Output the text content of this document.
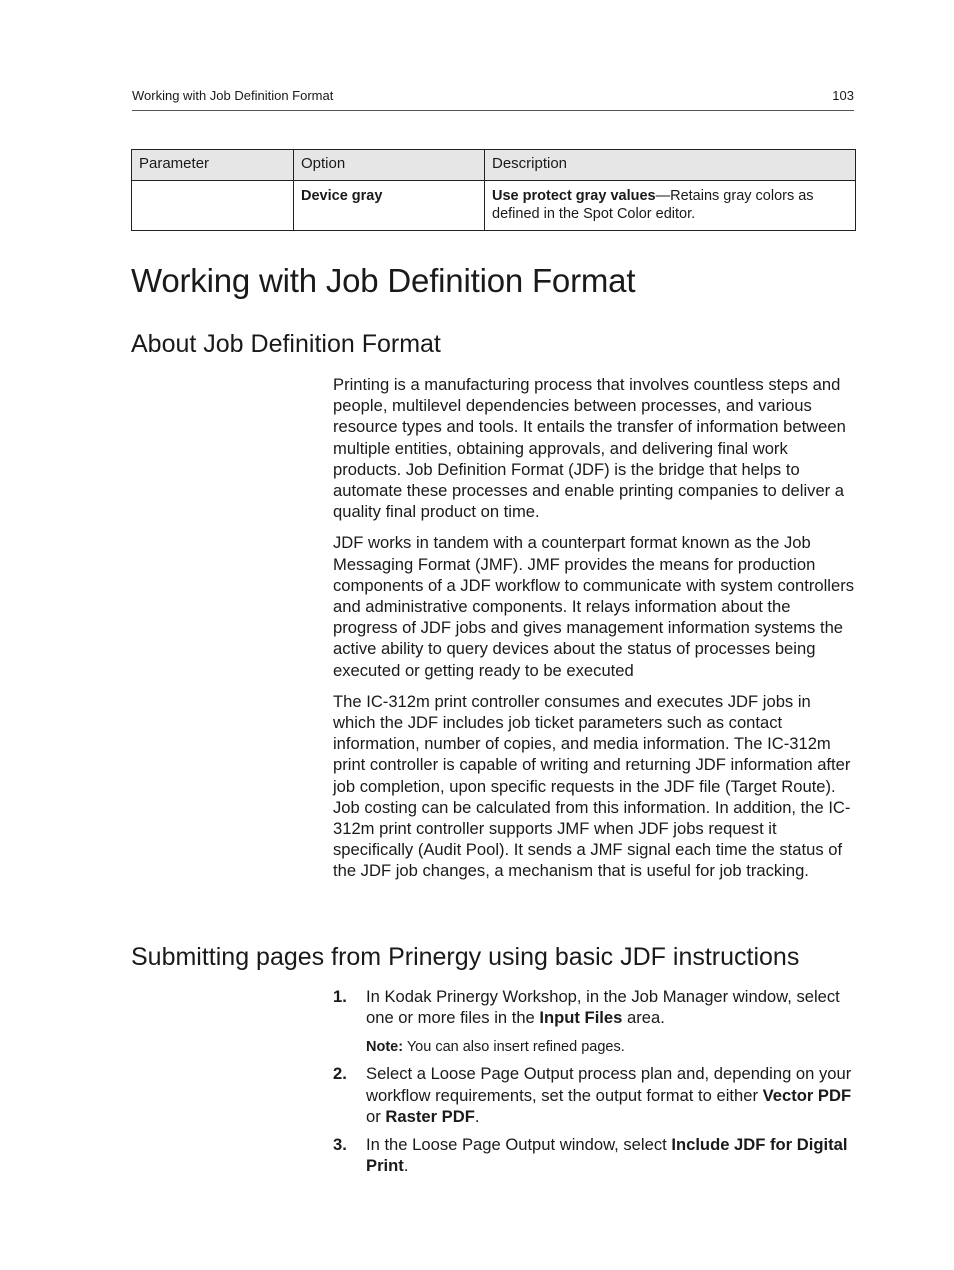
Working with Job Definition Format	103
Parameter	Option	Description
	Device gray	Use protect gray values—Retains gray colors as defined in the Spot Color editor.
Working with Job Definition Format
About Job Definition Format

Printing is a manufacturing process that involves countless steps and people, multilevel dependencies between processes, and various resource types and tools. It entails the transfer of information between multiple entities, obtaining approvals, and delivering final work products. Job Definition Format (JDF) is the bridge that helps to automate these processes and enable printing companies to deliver a quality final product on time.

JDF works in tandem with a counterpart format known as the Job Messaging Format (JMF). JMF provides the means for production components of a JDF workflow to communicate with system controllers and administrative components. It relays information about the progress of JDF jobs and gives management information systems the active ability to query devices about the status of processes being executed or getting ready to be executed

The IC-312m print controller consumes and executes JDF jobs in which the JDF includes job ticket parameters such as contact information, number of copies, and media information. The IC-312m print controller is capable of writing and returning JDF information after job completion, upon specific requests in the JDF file (Target Route). Job costing can be calculated from this information. In addition, the IC-312m print controller supports JMF when JDF jobs request it specifically (Audit Pool). It sends a JMF signal each time the status of the JDF job changes, a mechanism that is useful for job tracking.

Submitting pages from Prinergy using basic JDF instructions
1. In Kodak Prinergy Workshop, in the Job Manager window, select one or more files in the Input Files area.
Note: You can also insert refined pages.
2. Select a Loose Page Output process plan and, depending on your workflow requirements, set the output format to either Vector PDF or Raster PDF.
3. In the Loose Page Output window, select Include JDF for Digital Print.
